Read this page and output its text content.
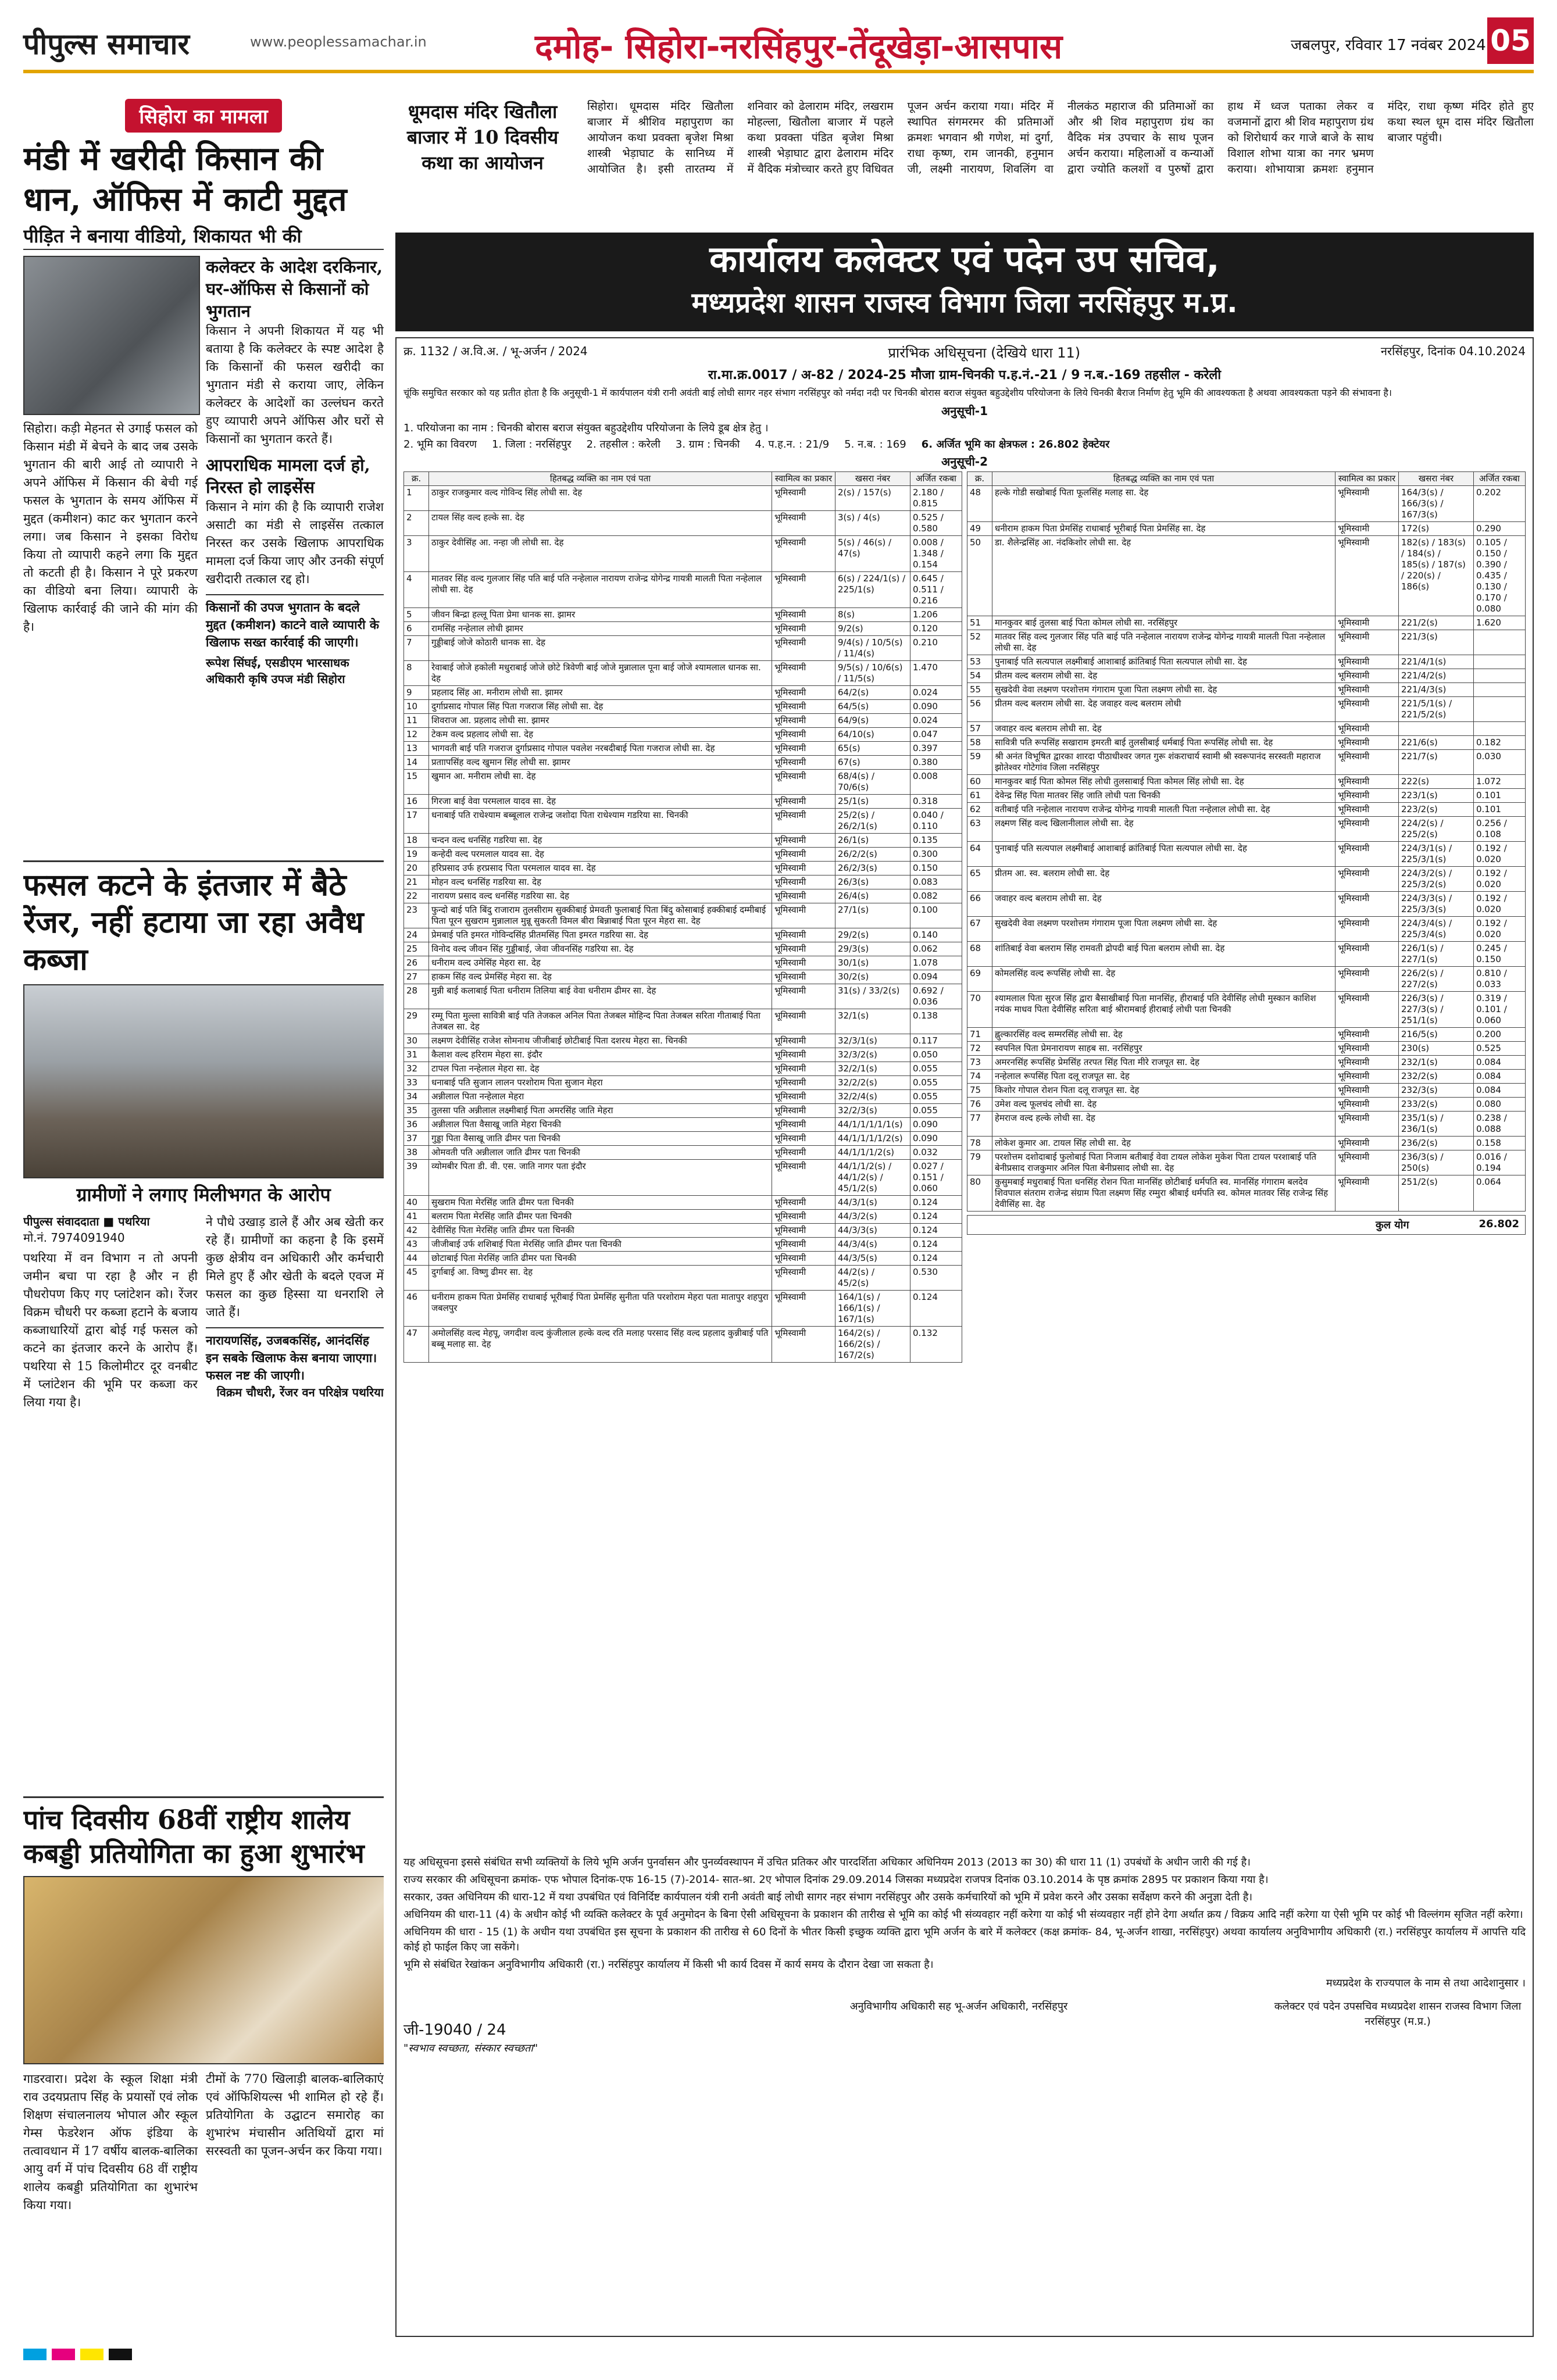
पीपुल्स समाचार	www.peoplessamachar.in	दमोह- सिहोरा-नरसिंहपुर-तेंदूखेड़ा-आसपास	जबलपुर, रविवार 17 नवंबर 2024 05
सिहोरा का मामला
मंडी में खरीदी किसान की धान, ऑफिस में काटी मुद्दत
पीड़ित ने बनाया वीडियो, शिकायत भी की
सिहोरा। कड़ी मेहनत से उगाई फसल को किसान मंडी में बेचने के बाद जब उसके भुगतान की बारी आई तो व्यापारी ने अपने ऑफिस में किसान की बेची गई फसल के भुगतान के समय ऑफिस में मुद्दत (कमीशन) काट कर भुगतान करने लगा। जब किसान ने इसका विरोध किया तो व्यापारी कहने लगा कि मुद्दत तो कटती ही है। किसान ने पूरे प्रकरण का वीडियो बना लिया। व्यापारी के खिलाफ कार्रवाई की जाने की मांग की है।
कलेक्टर के आदेश दरकिनार, घर-ऑफिस से किसानों को भुगतान
किसान ने अपनी शिकायत में यह भी बताया है कि कलेक्टर के स्पष्ट आदेश है कि किसानों की फसल खरीदी का भुगतान मंडी से कराया जाए, लेकिन कलेक्टर के आदेशों का उल्लंघन करते हुए व्यापारी अपने ऑफिस और घरों से किसानों का भुगतान करते हैं।
आपराधिक मामला दर्ज हो, निरस्त हो लाइसेंस
किसान ने मांग की है कि व्यापारी राजेश असाटी का मंडी से लाइसेंस तत्काल निरस्त कर उसके खिलाफ आपराधिक मामला दर्ज किया जाए और उनकी संपूर्ण खरीदारी तत्काल रद्द हो।
किसानों की उपज भुगतान के बदले मुद्दत (कमीशन) काटने वाले व्यापारी के खिलाफ सख्त कार्रवाई की जाएगी।
रूपेश सिंघई, एसडीएम भारसाधक अधिकारी कृषि उपज मंडी सिहोरा
फसल कटने के इंतजार में बैठे रेंजर, नहीं हटाया जा रहा अवैध कब्जा
ग्रामीणों ने लगाए मिलीभगत के आरोप
पीपुल्स संवाददाता ■ पथरिया
मो.नं. 7974091940
पथरिया में वन विभाग न तो अपनी जमीन बचा पा रहा है और न ही पौधरोपण किए गए प्लांटेशन को। रेंजर विक्रम चौधरी पर कब्जा हटाने के बजाय कब्जाधारियों द्वारा बोई गई फसल को कटने का इंतजार करने के आरोप हैं। पथरिया से 15 किलोमीटर दूर वनबीट में प्लांटेशन की भूमि पर कब्जा कर लिया गया है।
ने पौधे उखाड़ डाले हैं और अब खेती कर रहे हैं। ग्रामीणों का कहना है कि इसमें कुछ क्षेत्रीय वन अधिकारी और कर्मचारी मिले हुए हैं और खेती के बदले एवज में फसल का कुछ हिस्सा या धनराशि ले जाते हैं।
नारायणसिंह, उजबकसिंह, आनंदसिंह इन सबके खिलाफ केस बनाया जाएगा। फसल नष्ट की जाएगी।
विक्रम चौधरी, रेंजर वन परिक्षेत्र पथरिया
पांच दिवसीय 68वीं राष्ट्रीय शालेय कबड्डी प्रतियोगिता का हुआ शुभारंभ
गाडरवारा। प्रदेश के स्कूल शिक्षा मंत्री राव उदयप्रताप सिंह के प्रयासों एवं लोक शिक्षण संचालनालय भोपाल और स्कूल गेम्स फेडरेशन ऑफ इंडिया के तत्वावधान में 17 वर्षीय बालक-बालिका आयु वर्ग में पांच दिवसीय 68 वीं राष्ट्रीय शालेय कबड्डी प्रतियोगिता का शुभारंभ किया गया।
टीमों के 770 खिलाड़ी बालक-बालिकाएं एवं ऑफिशियल्स भी शामिल हो रहे हैं। प्रतियोगिता के उद्घाटन समारोह का शुभारंभ मंचासीन अतिथियों द्वारा मां सरस्वती का पूजन-अर्चन कर किया गया।
धूमदास मंदिर खितौला बाजार में 10 दिवसीय कथा का आयोजन
सिहोरा। धूमदास मंदिर खितौला बाजार में श्रीशिव महापुराण का आयोजन कथा प्रवक्ता बृजेश मिश्रा शास्त्री भेड़ाघाट के सानिध्य में आयोजित है। इसी तारतम्य में शनिवार को ढेलाराम मंदिर, लखराम मोहल्ला, खितौला बाजार में पहले कथा प्रवक्ता पंडित बृजेश मिश्रा शास्त्री भेड़ाघाट द्वारा ढेलाराम मंदिर में वैदिक मंत्रोच्चार करते हुए विधिवत पूजन अर्चन कराया गया। मंदिर में स्थापित संगमरमर की प्रतिमाओं क्रमशः भगवान श्री गणेश, मां दुर्गा, राधा कृष्ण, राम जानकी, हनुमान जी, लक्ष्मी नारायण, शिवलिंग वा नीलकंठ महाराज की प्रतिमाओं का और श्री शिव महापुराण ग्रंथ का वैदिक मंत्र उपचार के साथ पूजन अर्चन कराया। महिलाओं व कन्याओं द्वारा ज्योति कलशों व पुरुषों द्वारा हाथ में ध्वज पताका लेकर व वजमानों द्वारा श्री शिव महापुराण ग्रंथ को शिरोधार्य कर गाजे बाजे के साथ विशाल शोभा यात्रा का नगर भ्रमण कराया। शोभायात्रा क्रमशः हनुमान मंदिर, राधा कृष्ण मंदिर होते हुए कथा स्थल धूम दास मंदिर खितौला बाजार पहुंची।
कार्यालय कलेक्टर एवं पदेन उप सचिव,
मध्यप्रदेश शासन राजस्व विभाग जिला नरसिंहपुर म.प्र.
क्र. 1132 / अ.वि.अ. / भू-अर्जन / 2024	प्रारंभिक अधिसूचना (देखिये धारा 11)	नरसिंहपुर, दिनांक 04.10.2024
रा.मा.क्र.0017 / अ-82 / 2024-25 मौजा ग्राम-चिनकी प.ह.नं.-21 / 9 न.ब.-169 तहसील - करेली
चूंकि समुचित सरकार को यह प्रतीत होता है कि अनुसूची-1 में कार्यपालन यंत्री रानी अवंती बाई लोधी सागर नहर संभाग नरसिंहपुर को नर्मदा नदी पर चिनकी बोरास बराज संयुक्त बहुउद्देशीय परियोजना के लिये चिनकी बैराज निर्माण हेतु भूमि की आवश्यकता है अथवा आवश्यकता पड़ने की संभावना है।
अनुसूची-1
1. परियोजना का नाम : चिनकी बोरास बराज संयुक्त बहुउद्देशीय परियोजना के लिये डूब क्षेत्र हेतु ।
2. भूमि का विवरण 1. जिला : नरसिंहपुर 2. तहसील : करेली 3. ग्राम : चिनकी 4. प.ह.न. : 21/9 5. न.ब. : 169 6. अर्जित भूमि का क्षेत्रफल : 26.802 हेक्टेयर
अनुसूची-2
क्र.	हितबद्ध व्यक्ति का नाम एवं पता	स्वामित्व का प्रकार	खसरा नंबर	अर्जित रकबा
1	ठाकुर राजकुमार वल्द गोविन्द सिंह लोधी सा. देह	भूमिस्वामी	2(s) / 157(s)	2.180 / 0.815
2	टायल सिंह वल्द हल्के सा. देह	भूमिस्वामी	3(s) / 4(s)	0.525 / 0.580
3	ठाकुर देवीसिंह आ. नन्हा जी लोधी सा. देह	भूमिस्वामी	5(s) / 46(s) / 47(s)	0.008 / 1.348 / 0.154
4	मातवर सिंह वल्द गुलजार सिंह पति बाई पति नन्हेलाल नारायण राजेन्द्र योगेन्द्र गायत्री मालती पिता नन्हेलाल लोधी सा. देह	भूमिस्वामी	6(s) / 224/1(s) / 225/1(s)	0.645 / 0.511 / 0.216
5	जीवन बिन्द्रा हल्लू पिता प्रेमा धानक सा. झामर	भूमिस्वामी	8(s)	1.206
6	रामसिंह नन्हेलाल लोधी झामर	भूमिस्वामी	9/2(s)	0.120
7	गुड्डीबाई जोजे कोठारी धानक सा. देह	भूमिस्वामी	9/4(s) / 10/5(s) / 11/4(s)	0.210
8	रेवाबाई जोजे हकोली मधुराबाई जोजे छोटे त्रिवेणी बाई जोजे मुन्नालाल पूना बाई जोजे श्यामलाल धानक सा. देह	भूमिस्वामी	9/5(s) / 10/6(s) / 11/5(s)	1.470
9	प्रहलाद सिंह आ. मनीराम लोधी सा. झामर	भूमिस्वामी	64/2(s)	0.024
10	दुर्गाप्रसाद गोपाल सिंह पिता गजराज सिंह लोधी सा. देह	भूमिस्वामी	64/5(s)	0.090
11	शिवराज आ. प्रहलाद लोधी सा. झामर	भूमिस्वामी	64/9(s)	0.024
12	टेकम वल्द प्रहलाद लोधी सा. देह	भूमिस्वामी	64/10(s)	0.047
13	भागवती बाई पति गजराज दुर्गाप्रसाद गोपाल पवलेश नरबदीबाई पिता गजराज लोधी सा. देह	भूमिस्वामी	65(s)	0.397
14	प्रताापसिंह वल्द खुमान सिंह लोधी सा. झामर	भूमिस्वामी	67(s)	0.380
15	खुमान आ. मनीराम लोधी सा. देह	भूमिस्वामी	68/4(s) / 70/6(s)	0.008
16	गिरजा बाई वेवा परमलाल यादव सा. देह	भूमिस्वामी	25/1(s)	0.318
17	धनाबाई पति राधेश्याम बब्बूलाल राजेन्द्र जशोदा पिता राधेश्याम गडरिया सा. चिनकी	भूमिस्वामी	25/2(s) / 26/2/1(s)	0.040 / 0.110
18	चन्दन वल्द धनसिंह गडरिया सा. देह	भूमिस्वामी	26/1(s)	0.135
19	कन्हेदी वल्द परमलाल यादव सा. देह	भूमिस्वामी	26/2/2(s)	0.300
20	हरिप्रसाद उर्फ हरप्रसाद पिता परमलाल यादव सा. देह	भूमिस्वामी	26/2/3(s)	0.150
21	मोहन वल्द धनसिंह गडरिया सा. देह	भूमिस्वामी	26/3(s)	0.083
22	नारायण प्रसाद वल्द धनसिंह गडरिया सा. देह	भूमिस्वामी	26/4(s)	0.082
23	फुन्दो बाई पति बिंदु राजाराम तुलसीराम सुक्कीबाई प्रेमवती फुलाबाई पिता बिंदु कोसाबाई हक्कीबाई दम्मीबाई पिता पूरन सुखराम मुन्नालाल मुन्नू सुकरती विमल बीरा बिन्नाबाई पिता पूरन मेहरा सा. देह	भूमिस्वामी	27/1(s)	0.100
24	प्रेमबाई पति इमरत गोविन्दसिंह प्रीतमसिंह पिता इमरत गडरिया सा. देह	भूमिस्वामी	29/2(s)	0.140
25	विनोद वल्द जीवन सिंह गुड्डीबाई, जेवा जीवनसिंह गडरिया सा. देह	भूमिस्वामी	29/3(s)	0.062
26	धनीराम वल्द उमेसिंह मेहरा सा. देह	भूमिस्वामी	30/1(s)	1.078
27	हाकम सिंह वल्द प्रेमसिंह मेहरा सा. देह	भूमिस्वामी	30/2(s)	0.094
28	मुन्नी बाई कलाबाई पिता धनीराम तिलिया बाई वेवा धनीराम ढीमर सा. देह	भूमिस्वामी	31(s) / 33/2(s)	0.692 / 0.036
29	रम्मू पिता मुल्ला सावित्री बाई पति तेजकल अनिल पिता तेजबल मोहिन्द पिता तेजबल सरिता गीताबाई पिता तेजबल सा. देह	भूमिस्वामी	32/1(s)	0.138
30	लक्ष्मण देवीसिंह राजेश सोमनाथ जीजीबाई छोटीबाई पिता दशरथ मेहरा सा. चिनकी	भूमिस्वामी	32/3/1(s)	0.117
31	कैलाश वल्द हरिराम मेहरा सा. इंदौर	भूमिस्वामी	32/3/2(s)	0.050
32	टापल पिता नन्हेलाल मेहरा सा. देह	भूमिस्वामी	32/2/1(s)	0.055
33	धनाबाई पति सुजान लालन परशोराम पिता सुजान मेहरा	भूमिस्वामी	32/2/2(s)	0.055
34	अन्नीलाल पिता नन्हेलाल मेहरा	भूमिस्वामी	32/2/4(s)	0.055
35	तुलसा पति अन्नीलाल लक्ष्मीबाई पिता अमरसिंह जाति मेहरा	भूमिस्वामी	32/2/3(s)	0.055
36	अन्नीलाल पिता वैसाखू जाति मेहरा चिनकी	भूमिस्वामी	44/1/1/1/1/1(s)	0.090
37	गुड्डा पिता वैसाखू जाति ढीमर पता चिनकी	भूमिस्वामी	44/1/1/1/1/2(s)	0.090
38	ओमवती पति अन्नीलाल जाति ढीमर पता चिनकी	भूमिस्वामी	44/1/1/1/2(s)	0.032
39	व्योमबीर पिता डी. वी. एस. जाति नागर पता इंदौर	भूमिस्वामी	44/1/1/2(s) / 44/1/2(s) / 45/1/2(s)	0.027 / 0.151 / 0.060
40	सुखराम पिता मेरसिंह जाति ढीमर पता चिनकी	भूमिस्वामी	44/3/1(s)	0.124
41	बलराम पिता मेरसिंह जाति ढीमर पता चिनकी	भूमिस्वामी	44/3/2(s)	0.124
42	देवीसिंह पिता मेरसिंह जाति ढीमर पता चिनकी	भूमिस्वामी	44/3/3(s)	0.124
43	जीजीबाई उर्फ शशिबाई पिता मेरसिंह जाति ढीमर पता चिनकी	भूमिस्वामी	44/3/4(s)	0.124
44	छोटाबाई पिता मेरसिंह जाति ढीमर पता चिनकी	भूमिस्वामी	44/3/5(s)	0.124
45	दुर्गाबाई आ. विष्णु ढीमर सा. देह	भूमिस्वामी	44/2(s) / 45/2(s)	0.530
46	धनीराम हाकम पिता प्रेमसिंह राधाबाई भूरीबाई पिता प्रेमसिंह सुनीता पति परशोराम मेहरा पता मातापुर शहपुरा जबलपुर	भूमिस्वामी	164/1(s) / 166/1(s) / 167/1(s)	0.124
47	अमोलसिंह वल्द मेहपू, जगदीश वल्द कुंजीलाल हल्के वल्द रति मलाह परसाद सिंह वल्द प्रहलाद कुन्नीबाई पति बब्बू मलाह सा. देह	भूमिस्वामी	164/2(s) / 166/2(s) / 167/2(s)	0.132
क्र.	हितबद्ध व्यक्ति का नाम एवं पता	स्वामित्व का प्रकार	खसरा नंबर	अर्जित रकबा
48	हल्के गोडी सखोबाई पिता फूलसिंह मलाह सा. देह	भूमिस्वामी	164/3(s) / 166/3(s) / 167/3(s)	0.202
49	धनीराम हाकम पिता प्रेमसिंह राधाबाई भूरीबाई पिता प्रेमसिंह सा. देह	भूमिस्वामी	172(s)	0.290
50	डा. शैलेन्द्रसिंह आ. नंदकिशोर लोधी सा. देह	भूमिस्वामी	182(s) / 183(s) / 184(s) / 185(s) / 187(s) / 220(s) / 186(s)	0.105 / 0.150 / 0.390 / 0.435 / 0.130 / 0.170 / 0.080
51	मानकुवर बाई तुलसा बाई पिता कोमल लोधी सा. नरसिंहपुर	भूमिस्वामी	221/2(s)	1.620
52	मातवर सिंह वल्द गुलजार सिंह पति बाई पति नन्हेलाल नारायण राजेन्द्र योगेन्द्र गायत्री मालती पिता नन्हेलाल लोधी सा. देह	भूमिस्वामी	221/3(s)	
53	पुनाबाई पति सत्यपाल लक्ष्मीबाई आशाबाई क्रांतिबाई पिता सत्यपाल लोधी सा. देह	भूमिस्वामी	221/4/1(s)	
54	प्रीतम वल्द बलराम लोधी सा. देह	भूमिस्वामी	221/4/2(s)	
55	सुखदेवी वेवा लक्ष्मण परशोत्तम गंगाराम पूजा पिता लक्ष्मण लोधी सा. देह	भूमिस्वामी	221/4/3(s)	
56	प्रीतम वल्द बलराम लोधी सा. देह जवाहर वल्द बलराम लोधी	भूमिस्वामी	221/5/1(s) / 221/5/2(s)	
57	जवाहर वल्द बलराम लोधी सा. देह	भूमिस्वामी		
58	सावित्री पति रूपसिंह सखाराम इमरती बाई तुलसीबाई धर्मबाई पिता रूपसिंह लोधी सा. देह	भूमिस्वामी	221/6(s)	0.182
59	श्री अनंत विभूषित द्वारका शारदा पीठाधीश्वर जगत गुरू शंकराचार्य स्वामी श्री स्वरूपानंद सरस्वती महाराज झोतेश्वर गोटेगांव जिला नरसिंहपुर	भूमिस्वामी	221/7(s)	0.030
60	मानकुवर बाई पिता कोमल सिंह लोधी तुलसाबाई पिता कोमल सिंह लोधी सा. देह	भूमिस्वामी	222(s)	1.072
61	देवेन्द्र सिंह पिता मातवर सिंह जाति लोधी पता चिनकी	भूमिस्वामी	223/1(s)	0.101
62	वतीबाई पति नन्हेलाल नारायण राजेन्द्र योगेन्द्र गायत्री मालती पिता नन्हेलाल लोधी सा. देह	भूमिस्वामी	223/2(s)	0.101
63	लक्ष्मण सिंह वल्द खिलानीलाल लोधी सा. देह	भूमिस्वामी	224/2(s) / 225/2(s)	0.256 / 0.108
64	पुनाबाई पति सत्यपाल लक्ष्मीबाई आशाबाई क्रांतिबाई पिता सत्यपाल लोधी सा. देह	भूमिस्वामी	224/3/1(s) / 225/3/1(s)	0.192 / 0.020
65	प्रीतम आ. स्व. बलराम लोधी सा. देह	भूमिस्वामी	224/3/2(s) / 225/3/2(s)	0.192 / 0.020
66	जवाहर वल्द बलराम लोधी सा. देह	भूमिस्वामी	224/3/3(s) / 225/3/3(s)	0.192 / 0.020
67	सुखदेवी वेवा लक्ष्मण परशोत्तम गंगाराम पूजा पिता लक्ष्मण लोधी सा. देह	भूमिस्वामी	224/3/4(s) / 225/3/4(s)	0.192 / 0.020
68	शांतिबाई वेवा बलराम सिंह रामवती द्रोपदी बाई पिता बलराम लोधी सा. देह	भूमिस्वामी	226/1(s) / 227/1(s)	0.245 / 0.150
69	कोमलसिंह वल्द रूपसिंह लोधी सा. देह	भूमिस्वामी	226/2(s) / 227/2(s)	0.810 / 0.033
70	श्यामलाल पिता सुरज सिंह द्वारा बैसाखीबाई पिता मानसिंह, हीराबाई पति देवीसिंह लोधी मुस्कान काशिश नयंक माधव पिता देवीसिंह सरिता बाई श्रीरामबाई हीराबाई लोधी पता चिनकी	भूमिस्वामी	226/3(s) / 227/3(s) / 251/1(s)	0.319 / 0.101 / 0.060
71	ह्लुल्कारसिंह वल्द सम्मरसिंह लोधी सा. देह	भूमिस्वामी	216/5(s)	0.200
72	स्वपनिल पिता प्रेमनारायण साहब सा. नरसिंहपुर	भूमिस्वामी	230(s)	0.525
73	अमरनसिंह रूपसिंह प्रेमसिंह तरपत सिंह पिता मीरे राजपूत सा. देह	भूमिस्वामी	232/1(s)	0.084
74	नन्हेलाल रूपसिंह पिता दलू राजपूत सा. देह	भूमिस्वामी	232/2(s)	0.084
75	किशोर गोपाल रोशन पिता दलू राजपूत सा. देह	भूमिस्वामी	232/3(s)	0.084
76	उमेश वल्द फूलचंद लोधी सा. देह	भूमिस्वामी	233/2(s)	0.080
77	हेमराज वल्द हल्के लोधी सा. देह	भूमिस्वामी	235/1(s) / 236/1(s)	0.238 / 0.088
78	लोकेश कुमार आ. टायल सिंह लोधी सा. देह	भूमिस्वामी	236/2(s)	0.158
79	परशोत्तम दशोदाबाई फुलोबाई पिता निजाम बतीबाई वेवा टायल लोकेश मुकेश पिता टायल परशाबाई पति बेनीप्रसाद राजकुमार अनिल पिता बेनीप्रसाद लोधी सा. देह	भूमिस्वामी	236/3(s) / 250(s)	0.016 / 0.194
80	कुसुमबाई मधुराबाई पिता धनसिंह रोशन पिता मानसिंह छोटीबाई धर्मपति स्व. मानसिंह गंगाराम बलदेव शिवपाल संतराम राजेन्द्र संग्राम पिता लक्ष्मण सिंह रम्मुरा श्रीबाई धर्मपति स्व. कोमल मातवर सिंह राजेन्द्र सिंह देवीसिंह सा. देह	भूमिस्वामी	251/2(s)	0.064
कुल योग	26.802

यह अधिसूचना इससे संबंधित सभी व्यक्तियों के लिये भूमि अर्जन पुनर्वासन और पुनर्व्यवस्थापन में उचित प्रतिकर और पारदर्शिता अधिकार अधिनियम 2013 (2013 का 30) की धारा 11 (1) उपबंधों के अधीन जारी की गई है।

राज्य सरकार की अधिसूचना क्रमांक- एफ भोपाल दिनांक-एफ 16-15 (7)-2014- सात-श्रा. 2ए भोपाल दिनांक 29.09.2014 जिसका मध्यप्रदेश राजपत्र दिनांक 03.10.2014 के पृष्ठ क्रमांक 2895 पर प्रकाशन किया गया है।

सरकार, उक्त अधिनियम की धारा-12 में यथा उपबंधित एवं विनिर्दिष्ट कार्यपालन यंत्री रानी अवंती बाई लोधी सागर नहर संभाग नरसिंहपुर और उसके कर्मचारियों को भूमि में प्रवेश करने और उसका सर्वेक्षण करने की अनुज्ञा देती है।

अधिनियम की धारा-11 (4) के अधीन कोई भी व्यक्ति कलेक्टर के पूर्व अनुमोदन के बिना ऐसी अधिसूचना के प्रकाशन की तारीख से भूमि का कोई भी संव्यवहार नहीं करेगा या कोई भी संव्यवहार नहीं होने देगा अर्थात क्रय / विक्रय आदि नहीं करेगा या ऐसी भूमि पर कोई भी विल्लंगम सृजित नहीं करेगा।

अधिनियम की धारा - 15 (1) के अधीन यथा उपबंधित इस सूचना के प्रकाशन की तारीख से 60 दिनों के भीतर किसी इच्छुक व्यक्ति द्वारा भूमि अर्जन के बारे में कलेक्टर (कक्ष क्रमांक- 84, भू-अर्जन शाखा, नरसिंहपुर) अथवा कार्यालय अनुविभागीय अधिकारी (रा.) नरसिंहपुर कार्यालय में आपत्ति यदि कोई हो फाईल किए जा सकेंगे।

भूमि से संबंधित रेखांकन अनुविभागीय अधिकारी (रा.) नरसिंहपुर कार्यालय में किसी भी कार्य दिवस में कार्य समय के दौरान देखा जा सकता है।

मध्यप्रदेश के राज्यपाल के नाम से तथा आदेशानुसार ।
जी-19040 / 24
"स्वभाव स्वच्छता, संस्कार स्वच्छता"
अनुविभागीय अधिकारी सह भू-अर्जन अधिकारी, नरसिंहपुर	कलेक्टर एवं पदेन उपसचिव मध्यप्रदेश शासन राजस्व विभाग जिला नरसिंहपुर (म.प्र.)
